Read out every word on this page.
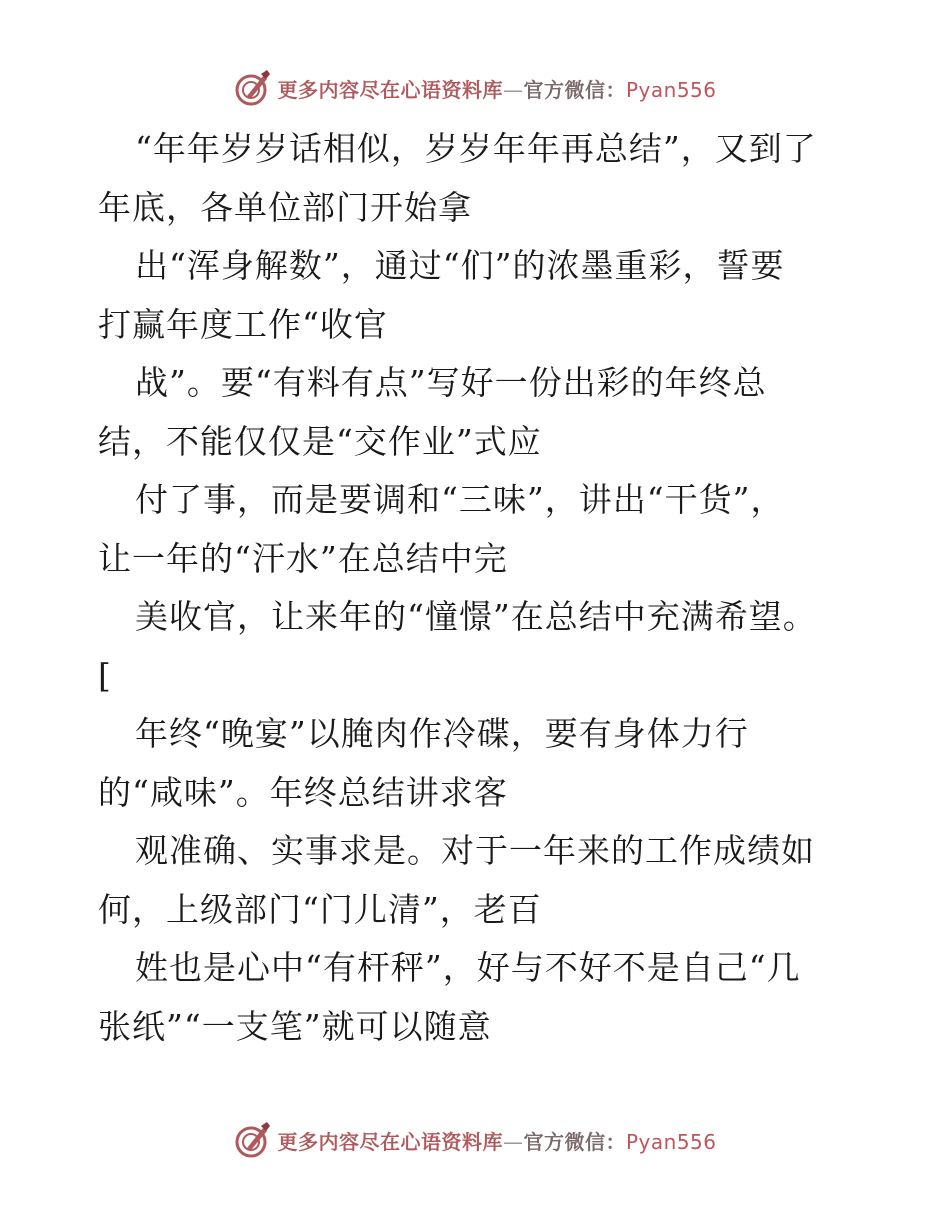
更多内容尽在心语资料库—官方微信：Pyan556
“年年岁岁话相似，岁岁年年再总结”，又到了
年底，各单位部门开始拿
出“浑身解数”，通过“们”的浓墨重彩，誓要
打赢年度工作“收官
战”。要“有料有点”写好一份出彩的年终总
结，不能仅仅是“交作业”式应
付了事，而是要调和“三味”，讲出“干货”，
让一年的“汗水”在总结中完
美收官，让来年的“憧憬”在总结中充满希望。
[
年终“晚宴”以腌肉作冷碟，要有身体力行
的“咸味”。年终总结讲求客
观准确、实事求是。对于一年来的工作成绩如
何，上级部门“门儿清”，老百
姓也是心中“有杆秤”，好与不好不是自己“几
张纸”“一支笔”就可以随意
更多内容尽在心语资料库—官方微信：Pyan556
